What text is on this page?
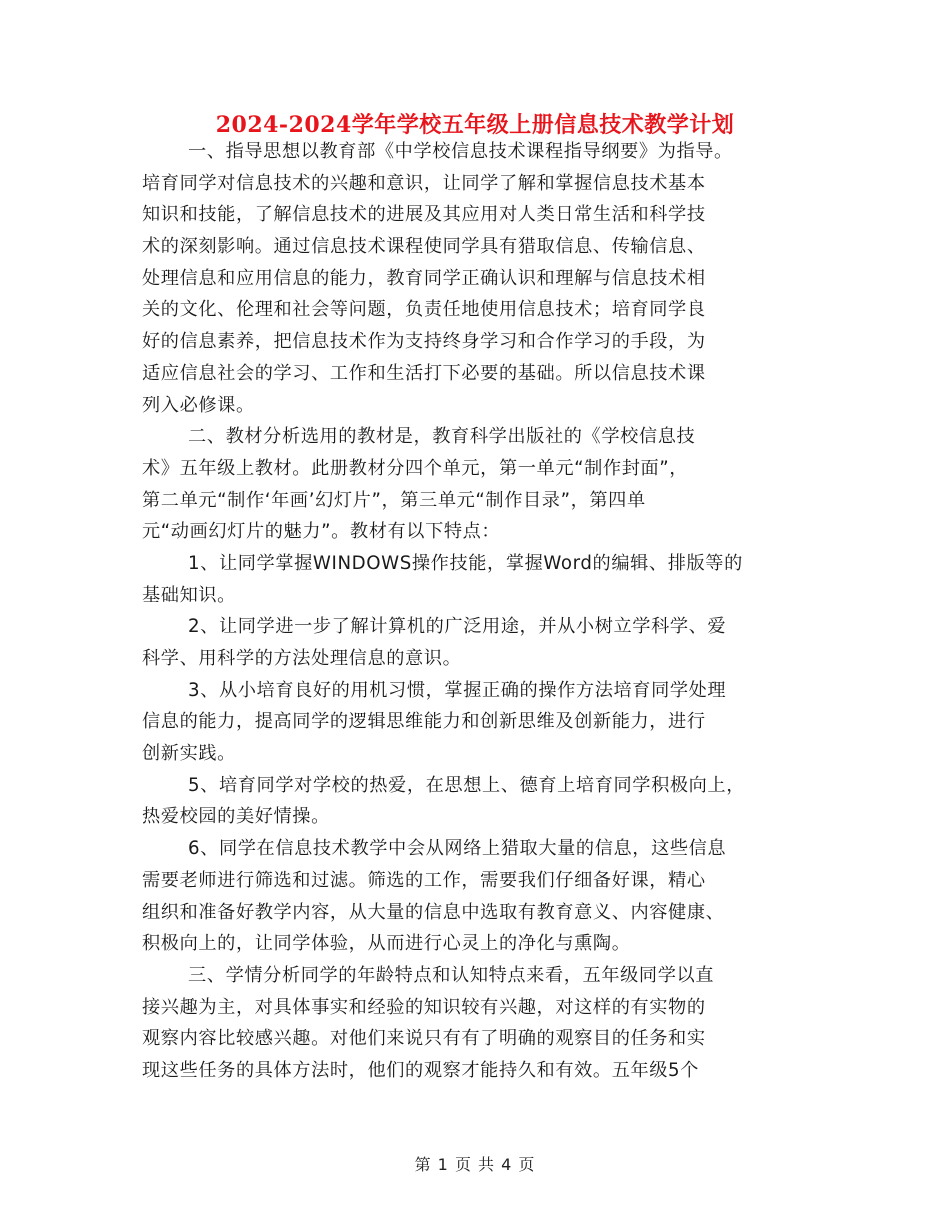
2024-2024学年学校五年级上册信息技术教学计划
一、指导思想以教育部《中学校信息技术课程指导纲要》为指导。
培育同学对信息技术的兴趣和意识，让同学了解和掌握信息技术基本
知识和技能，了解信息技术的进展及其应用对人类日常生活和科学技
术的深刻影响。通过信息技术课程使同学具有猎取信息、传输信息、
处理信息和应用信息的能力，教育同学正确认识和理解与信息技术相
关的文化、伦理和社会等问题，负责任地使用信息技术；培育同学良
好的信息素养，把信息技术作为支持终身学习和合作学习的手段，为
适应信息社会的学习、工作和生活打下必要的基础。所以信息技术课
列入必修课。
二、教材分析选用的教材是，教育科学出版社的《学校信息技
术》五年级上教材。此册教材分四个单元，第一单元“制作封面”，
第二单元“制作‘年画’幻灯片”，第三单元“制作目录”，第四单
元“动画幻灯片的魅力”。教材有以下特点：
1、让同学掌握WINDOWS操作技能，掌握Word的编辑、排版等的
基础知识。
2、让同学进一步了解计算机的广泛用途，并从小树立学科学、爱
科学、用科学的方法处理信息的意识。
3、从小培育良好的用机习惯，掌握正确的操作方法培育同学处理
信息的能力，提高同学的逻辑思维能力和创新思维及创新能力，进行
创新实践。
5、培育同学对学校的热爱，在思想上、德育上培育同学积极向上，
热爱校园的美好情操。
6、同学在信息技术教学中会从网络上猎取大量的信息，这些信息
需要老师进行筛选和过滤。筛选的工作，需要我们仔细备好课，精心
组织和准备好教学内容，从大量的信息中选取有教育意义、内容健康、
积极向上的，让同学体验，从而进行心灵上的净化与熏陶。
三、学情分析同学的年龄特点和认知特点来看，五年级同学以直
接兴趣为主，对具体事实和经验的知识较有兴趣，对这样的有实物的
观察内容比较感兴趣。对他们来说只有有了明确的观察目的任务和实
现这些任务的具体方法时，他们的观察才能持久和有效。五年级5个
第 1 页 共 4 页
